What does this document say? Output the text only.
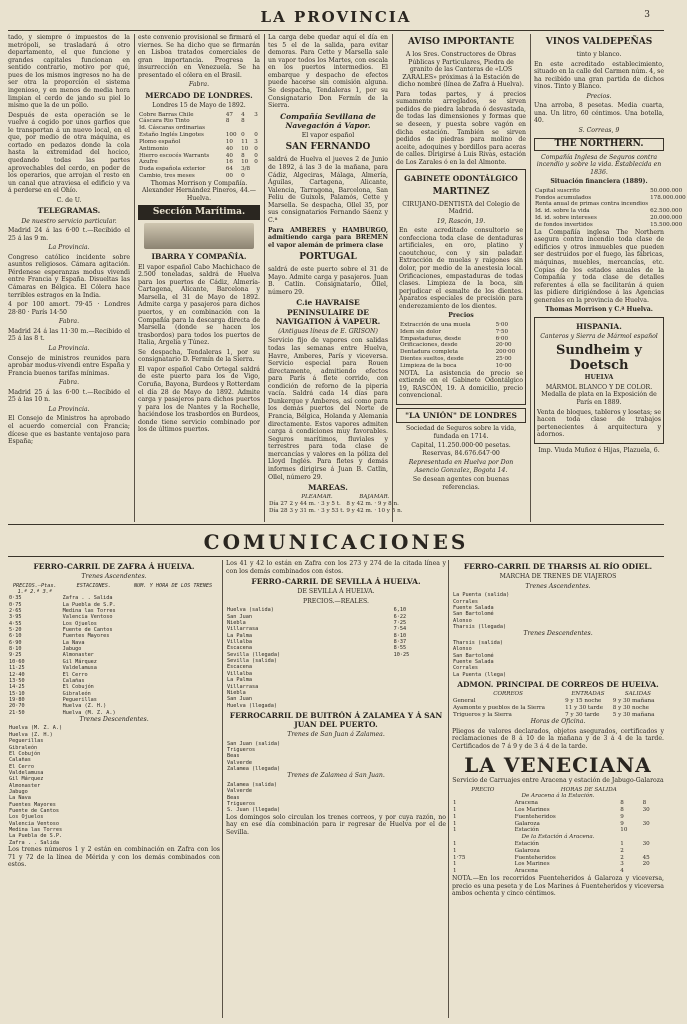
LA PROVINCIA	3

tado, y siempre ó impuestos de la metrópoli, se trasladará á otro departamento, el que funcione y grandes capitales funcionan en sentido contrario, motivo por qué, pues de los mismos ingresos no ha de ser otra la proporción el sistema ingenioso, y en menos de media hora limpian el cerdo de jando su piel lo mismo que la de un pollo.

Después de esta operación se le vuelve á cogido por unos garfios que le transportan á un nuevo local, en el que, por medio de otra máquina, es cortado en pedazos donde la cola hasta la extremidad del hocico, quedando todas las partes aprovechables del cerdo, en poder de los operarios, que arrojan el resto en un canal que atraviesa el edificio y va á perderse en el Ohío.

C. de U.

TELEGRAMAS.

De nuestro servicio particular.

Madrid 24 á las 6·00 t.—Recibido el 25 á las 9 m.

La Provincia.

Congreso católico incidente sobre asuntos religiosos. Cámara agitación. Pérdenese esperanzas modus vivendi entre Francia y España. Disueltas las Cámaras en Bélgica. El Cólera hace terribles estragos en la India.

4 por 100 amort. 79·45 · Londres 28·80 · París 14·50

Fabra.

Madrid 24 á las 11·30 m.—Recibido el 25 á las 8 t.

La Provincia.

Consejo de ministros reunidos para aprobar modus-vivendi entre España y Francia buenos tarifas mínimas.

Fabra.

Madrid 25 á las 6·00 t.—Recibido el 25 á las 10 n.

La Provincia.

El Consejo de Ministros ha aprobado el acuerdo comercial con Francia; dícese que es bastante ventajoso para España;

este convenio provisional se firmará el viernes. Se ha dicho que se firmarán en Lisboa tratados comerciales de gran importancia. Progresa la insurrección en Venezuela. Se ha presentado el cólera en el Brasil.

Fabra.

MERCADO DE LONDRES.

Londres 15 de Mayo de 1892.

Cobre Barras Chile	47	4	3
Cáscara Rio Tinto	8	8	
Id. Cáscaras ordinarias			
Estaño Inglés Lingotes	100	0	0
Plomo español	10	11	3
Antimonio	40	10	0
Hierro escocés Warrants	40	8	0
Azufre	16	10	0
Duda española exterior	64	3/8	
Cambio, tres meses	00	0	

Thomas Morrison y Compañía. Alexander Hernández Pineros, 44.—Huelva.

Sección Marítima.
IBARRA Y COMPAÑÍA.

El vapor español Cabo Machichaco de 2.500 toneladas, saldrá de Huelva para los puertos de Cádiz, Almería-Cartagena, Alicante, Barcelona y Marsella, el 31 de Mayo de 1892. Admite carga y pasajeros para dichos puertos, y en combinación con la Compañía para la descarga directa de Marsella (donde se hacen los trasbordos) para todos los puertos de Italia, Argelia y Túnez.

Se despacha, Tendaleras 1, por su consignatario D. Fermín de la Sierra.

El vapor español Cabo Ortegal saldrá de este puerto para los de Vigo, Coruña, Bayona, Burdeos y Rotterdam el día 28 de Mayo de 1892. Admite carga y pasajeros para dichos puertos y para los de Nantes y la Rochelle, haciéndose los trasbordos en Burdeos, donde tiene servicio combinado por los de últimos puertos.

La carga debe quedar aquí el día en tes 5 el de la salida, para evitar demoras. Para Cette y Marsella sale un vapor todos los Martes, con escala en los puertos intermedios. El embarque y despacho de efectos puede hacerse sin comisión alguna. Se despacha, Tendaleras 1, por su Consignatario Don Fermín de la Sierra.

Compañía Sevillana de Navegación á Vapor.

El vapor español

SAN FERNANDO

saldrá de Huelva el jueves 2 de Junio de 1892, á las 3 de la mañana, para Cádiz, Algeciras, Málaga, Almería, Águilas, Cartagena, Alicante, Valencia, Tarragona, Barcelona, San Feliu de Guixols, Palamós, Cette y Marsella. Se despacha, Ollel 35, por sus consignatarios Fernando Sáenz y C.ª

Para AMBERES y HAMBURGO, admitiendo carga para BREMEN el vapor alemán de primera clase

PORTUGAL

saldrá de este puerto sobre el 31 de Mayo. Admite carga y pasajeros. Juan B. Catlin. Consignatario, Ollel, número 29.

C.ie HAVRAISE PENINSULAIRE DE NAVIGATION Á VAPEUR.

(Antiguas líneas de E. GRISON)

Servicio fijo de vapores con salidas todas las semanas entre Huelva, Havre, Amberes, París y viceversa. Servicio especial para Rouen directamente, admitiendo efectos para París á flete corrido, con condición de reforno de la piperia vacía. Saldrá cada 14 días para Dunkerque y Amberes, así como para los demás puertos del Norte de Francia, Bélgica, Holanda y Alemania directamente. Estos vapores admiten carga á condiciones muy favorables. Seguros marítimos, fluviales y terrestres para toda clase de mercancías y valores en la póliza del Lloyd Inglés. Para fletes y demás informes dirigirse á Juan B. Catlin, Ollel, número 29.

MAREAS.
	PLEAMAR.	BAJAMAR.
Día 27	2 y 44 m. · 3 y 5 t.	8 y 42 m. · 9 y 8 n.
Día 28	3 y 31 m. · 3 y 53 t.	9 y 42 m. · 10 y 5 n.
AVISO IMPORTANTE

A los Sres. Constructores de Obras Públicas y Particulares, Piedra de granito de las Canteras de «LOS ZARALES» próximas á la Estación de dicho nombre (línea de Zafra á Huelva).

Para todas partes, y á precios sumamente arreglados, se sirven pedidos de piedra labrada ó desvastada, de todas las dimensiones y formas que se deseen, y puesta sobre vagón en dicha estación. También se sirven pedidos de piedras para molino de aceite, adoquines y bordillos para aceras de calles. Dirigirse á Luis Rivas, estación de Los Zarales ó en la del Almonte.

GABINETE ODONTÁLGICO
MARTINEZ

CIRUJANO-DENTISTA del Colegio de Madrid.

19, Rascón, 19.

En este acreditado consultorio se confecciona toda clase de dentaduras artificiales, en oro, platino y caoutchouc, con y sin paladar. Extracción de muelas y raigones sin dolor, por medio de la anestesia local. Orificaciones, empastaduras de todas clases. Limpieza de la boca, sin perjudicar el esmalte de los dientes. Aparatos especiales de precisión para enderezamiento de los dientes.

Precios

Extracción de una muela	5·00
Idem sin dolor	7·50
Empastaduras, desde	6·00
Orificaciones, desde	20·00
Dentadura completa	200·00
Dientes sueltos, desde	25·00
Limpieza de la boca	10·00

NOTA. La asistencia de precio se extiende en el Gabinete Odontálgico 19, RASCÓN, 19. A domicilio, precio convencional.

"LA UNIÓN" DE LONDRES

Sociedad de Seguros sobre la vida, fundada en 1714.

Capital, 11.250.000·00 pesetas. Reservas, 84.676.647·00

Representada en Huelva por Don Asencio Gonzalez, Bogota 14.

Se desean agentes con buenas referencias.

VINOS VALDEPEÑAS

tinto y blanco.

En este acreditado establecimiento, situado en la calle del Carmen núm. 4, se ha recibido una gran partida de dichos vinos. Tinto y Blanco.

Precios.

Una arroba, 8 pesetas. Media cuarta, una. Un litro, 60 céntimos. Una botella, 40.

S. Correas, 9

THE NORTHERN.

Compañía Inglesa de Seguros contra incendio y sobre la vida. Establecida en 1836.

Situación financiera (1889).

Capital suscrito	50.000.000
Fondos acumulados	178.000.000
Renta anual de primas contra incendios	
Id. id. sobre la vida	62.500.000
Id. id. sobre intereses	20.000.000
de fondos invertidos	15.500.000

La Compañía inglesa The Northern asegura contra incendio toda clase de edificios y otros inmuebles que pueden ser destruidos por el fuego, las fábricas, máquinas, muebles, mercancías, etc. Copias de los estados anuales de la Compañía y toda clase de detalles referentes á ella se facilitarán á quien las pidiere dirigiéndose á las Agencias generales en la provincia de Huelva.

Thomas Morrison y C.ª Huelva.

HISPANIA.

Canteros y Sierra de Mármol español

Sundheim y Doetsch

HUELVA

MÁRMOL BLANCO Y DE COLOR. Medalla de plata en la Exposición de París en 1889.

Venta de bloques, tableros y losetas; se hacen toda clase de trabajos pertenecientes á arquitectura y adornos.

Imp. Viuda Muñoz é Hijas, Plazuela, 6.

COMUNICACIONES
FERRO-CARRIL DE ZAFRA Á HUELVA.

Trenes Ascendentes.

PRECIOS.—Ptas.	ESTACIONES.	NUM. Y HORA DE LOS TRENES
1.ª 2.ª 3.ª		
0·35	Zafra . . Salida	
0·75	La Puebla de S.P.	
2·65	Medina las Torres	
3·95	Valencia Ventoso	
4·55	Los Ojuelos	
5·20	Fuente de Cantos	
6·10	Fuentes Mayores	
6·90	La Nava	
8·10	Jabugo	
9·25	Almonaster	
10·60	Gil Márquez	
11·25	Valdelamusa	
12·40	El Cerro	
13·50	Calañas	
14·25	El Cobujón	
15·10	Gibraleón	
19·80	Peguerillas	
20·70	Huelva (Z. H.)	
21·50	Huelva (M. Z. A.)	

Trenes Descendentes.

Huelva (M. Z. A.)
Huelva (Z. H.)
Peguerillas
Gibraleón
El Cobujón
Calañas
El Cerro
Valdelamusa
Gil Márquez
Almonaster
Jabugo
La Nava
Fuentes Mayores
Fuente de Cantos
Los Ojuelos
Valencia Ventoso
Medina las Torres
La Puebla de S.P.
Zafra . . Salida

Los trenes números 1 y 2 están en combinación en Zafra con los 71 y 72 de la línea de Mérida y con los demás combinados con estos.

Los 41 y 42 lo están en Zafra con los 273 y 274 de la citada línea y con los demás combinados con éstos.

FERRO-CARRIL DE SEVILLA Á HUELVA.

DE SEVILLA Á HUELVA.

PRECIOS.—REALES.

Huelva (salida)	6,10
San Juan	6·22
Niebla	7·25
Villarrasa	7·54
La Palma	8·10
Villalba	8·37
Escacena	8·55
Sevilla (llegada)	10·25
Sevilla (salida)
Escacena
Villalba
La Palma
Villarrasa
Niebla
San Juan
Huelva (llegada)
FERROCARRIL DE BUITRÓN Á ZALAMEA Y Á SAN JUAN DEL PUERTO.

Trenes de San Juan á Zalamea.

San Juan (salida)
Trigueros
Beas
Valverde
Zalamea (llegada)

Trenes de Zalamea á San Juan.

Zalamea (salida)
Valverde
Beas
Trigueros
S. Juan (llegada)

Los domingos solo circulan los trenes correos, y por cuya razón, no hay en ese día combinación para ir regresar de Huelva por el de Sevilla.

FERRO-CARRIL DE THARSIS AL RÍO ODIEL.

MARCHA DE TRENES DE VIAJEROS

Trenes Ascendentes.

La Puenta (salida)
Corrales
Fuente Salada
San Bartolomé
Alonso
Tharsis (llegada)

Trenes Descendentes.

Tharsis (salida)
Alonso
San Bartolomé
Fuente Salada
Corrales
La Puenta (llega)
ADMON. PRINCIPAL DE CORREOS DE HUELVA.
CORREOS	ENTRADAS	SALIDAS
General	9 y 15 noche	9 y 30 mañana
Ayamonte y pueblos de la Sierra	11 y 30 tarde	8 y 30 noche
Trigueros y la Sierra	7 y 30 tarde	5 y 30 mañana

Horas de Oficina.

Pliegos de valores declarados, objetos asegurados, certificados y reclamaciones de 8 á 10 de la mañana y de 3 á 4 de la tarde. Certificados de 7 á 9 y de 3 á 4 de la tarde.

LA VENECIANA

Servicio de Carruajes entre Aracena y estación de Jabugo-Galaroza

PRECIO	HORAS DE SALIDA		
De Aracena á la Estación.			
1	Aracena	8	8
1	Los Marines	8	30
1	Fuenteheridos	9	
1	Galaroza	9	30
1	Estación	10	
De la Estación á Aracena.			
1	Estación	1	30
1	Galaroza	2	
1·75	Fuenteheridos	2	45
1	Los Marines	3	20
1	Aracena	4	

NOTA.—En los recorridos Fuenteheridos á Galaroza y viceversa, precio es una peseta y de Los Marines á Fuenteheridos y viceversa ambos ochenta y cinco céntimos.
